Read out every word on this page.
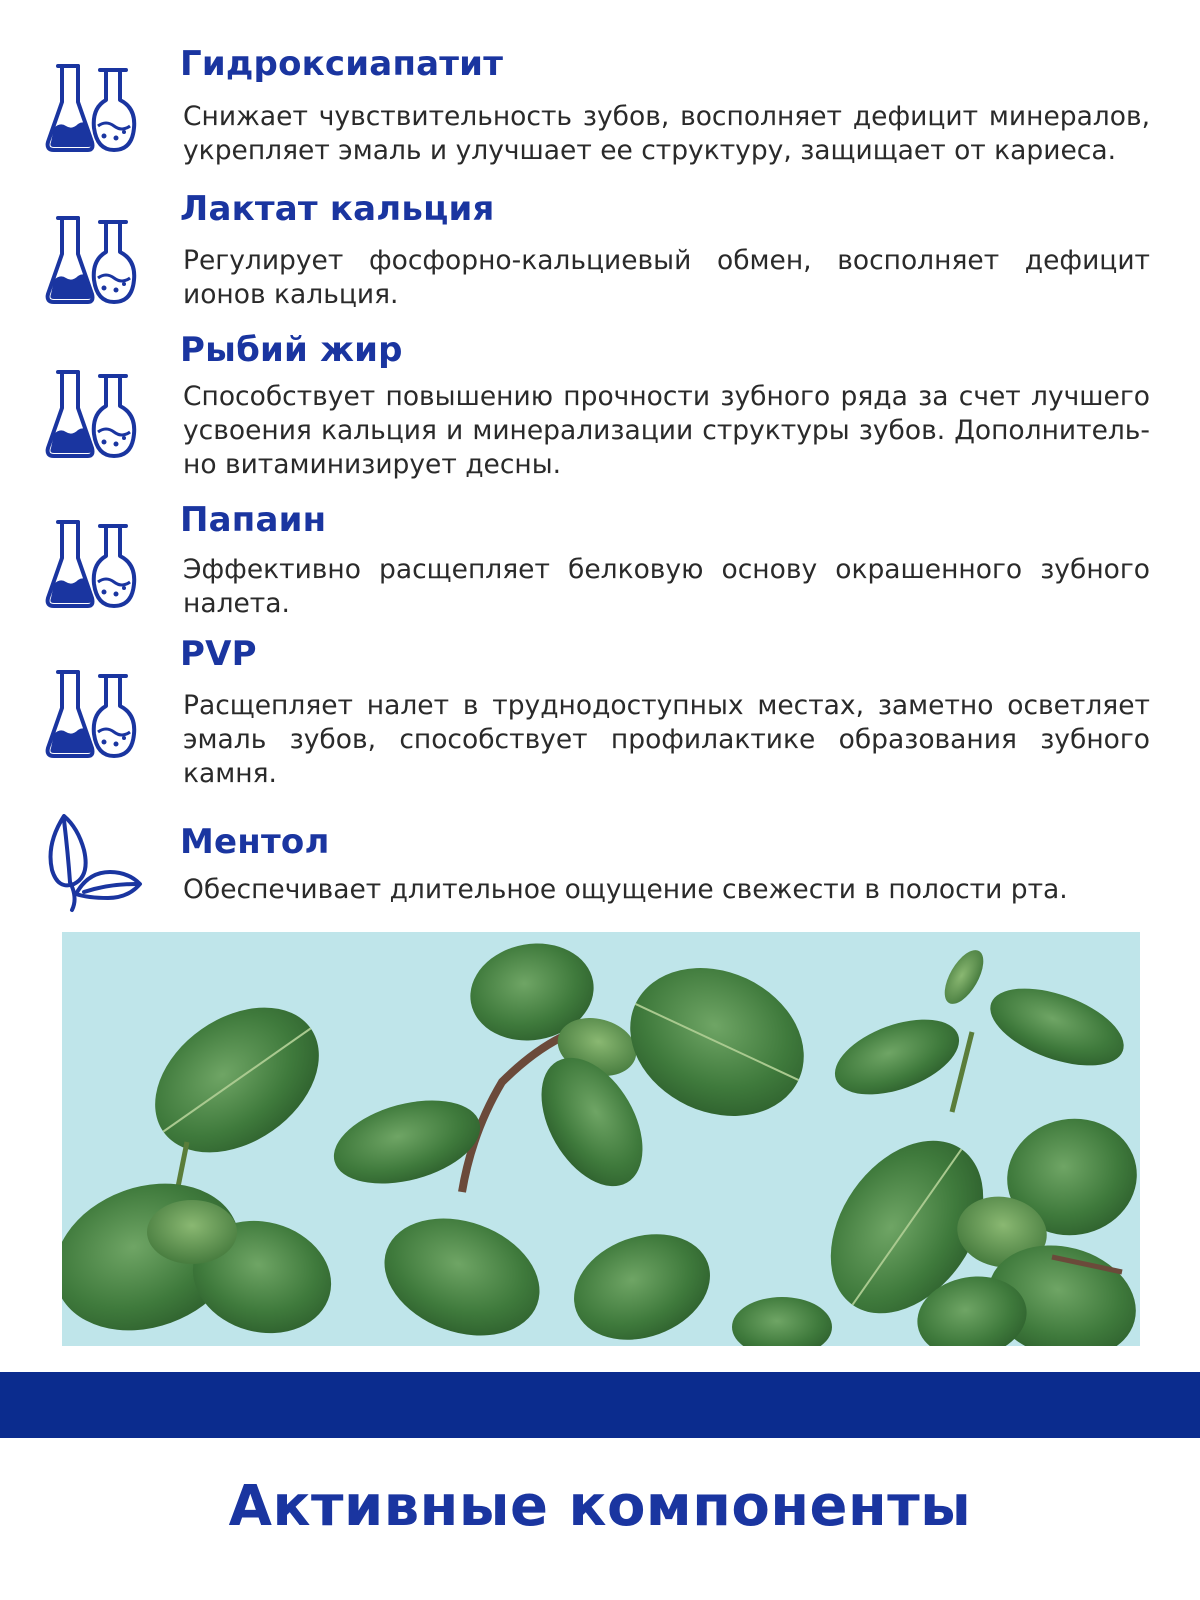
Гидроксиапатит
Снижает чувствительность зубов, восполняет дефицит минералов, укрепляет эмаль и улучшает ее структуру, защищает от кариеса.
Лактат кальция
Регулирует фосфорно-кальциевый обмен, восполняет дефицит ионов кальция.
Рыбий жир
Способствует повышению прочности зубного ряда за счет лучшего усвоения кальция и минерализации структуры зубов. Дополнитель-но витаминизирует десны.
Папаин
Эффективно расщепляет белковую основу окрашенного зубного налета.
PVP
Расщепляет налет в труднодоступных местах, заметно осветляет эмаль зубов, способствует профилактике образования зубного камня.
Ментол
Обеспечивает длительное ощущение свежести в полости рта.
Активные компоненты
